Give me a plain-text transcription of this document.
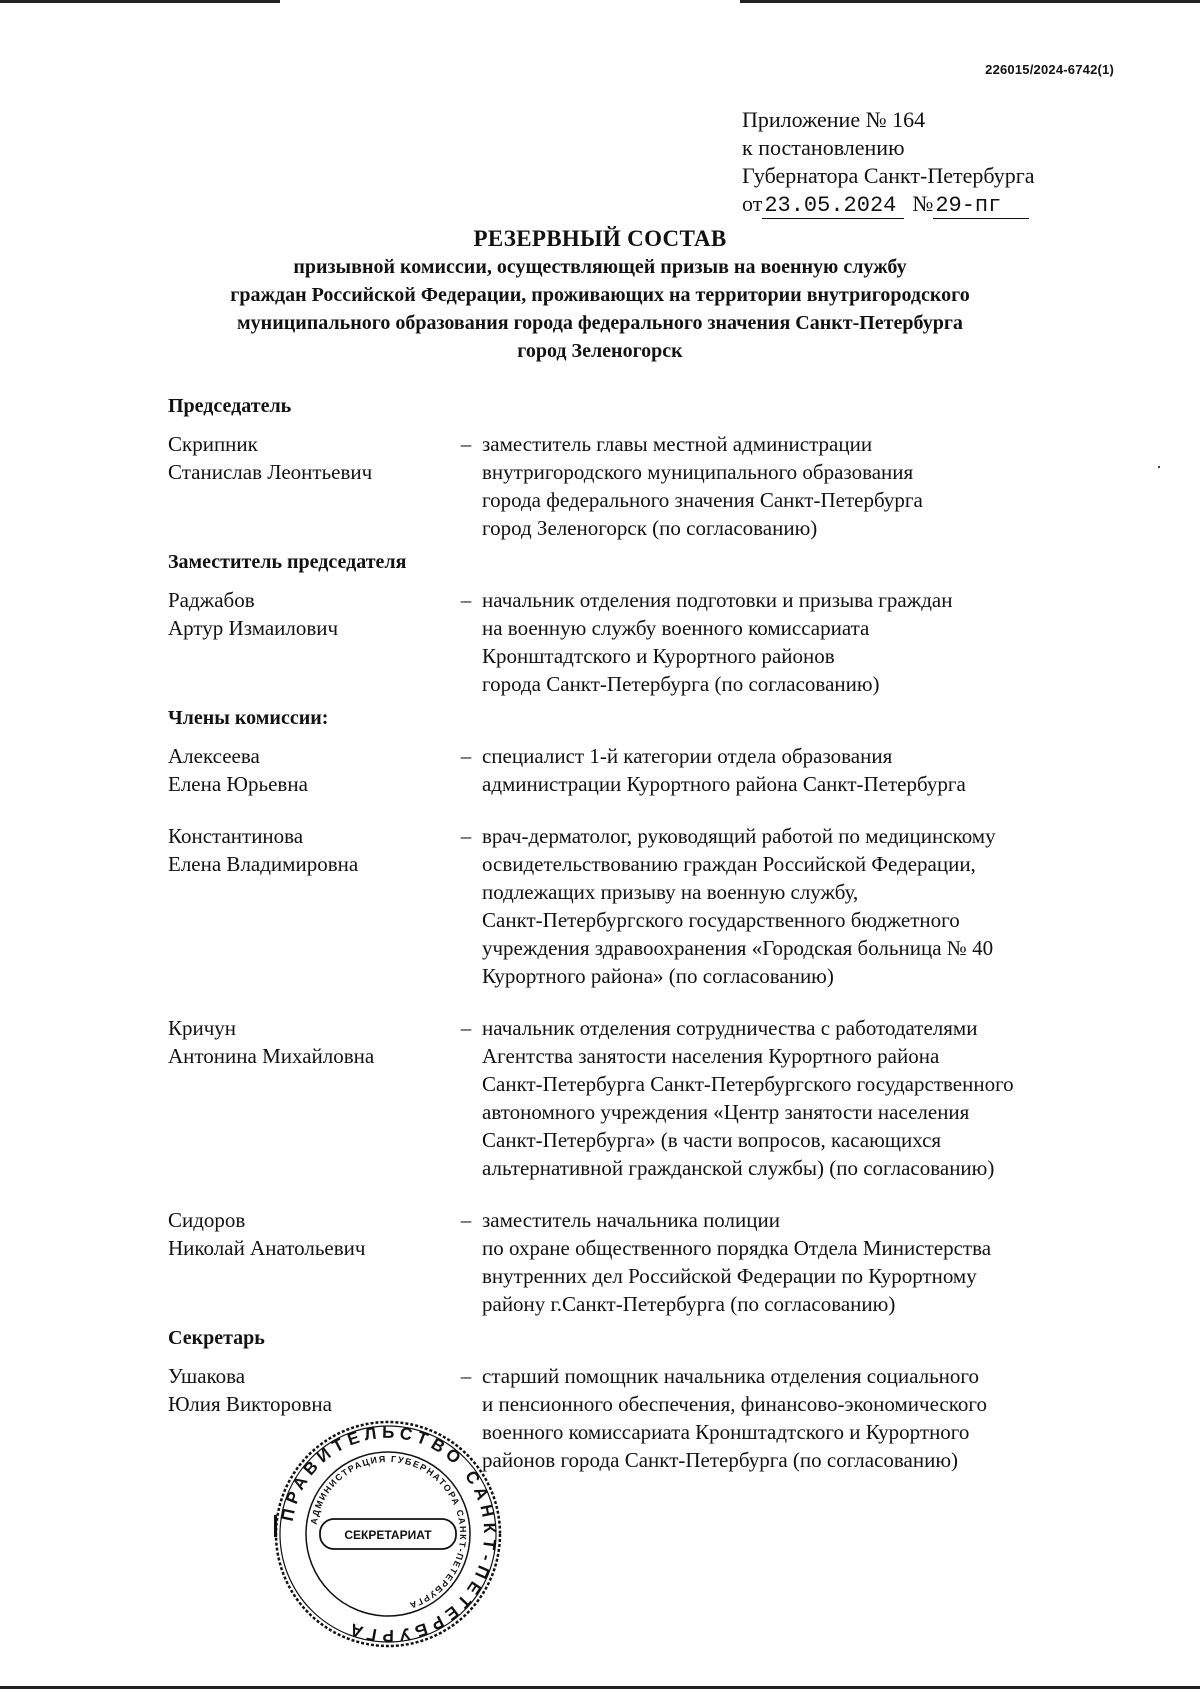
226015/2024-6742(1)
Приложение № 164
к постановлению
Губернатора Санкт-Петербурга
от 23.05.2024 № 29-пг
РЕЗЕРВНЫЙ СОСТАВ
призывной комиссии, осуществляющей призыв на военную службу
граждан Российской Федерации, проживающих на территории внутригородского
муниципального образования города федерального значения Санкт-Петербурга
город Зеленогорск
Председатель
Скрипник
Станислав Леонтьевич
– заместитель главы местной администрации
внутригородского муниципального образования
города федерального значения Санкт-Петербурга
город Зеленогорск (по согласованию)
Заместитель председателя
Раджабов
Артур Измаилович
– начальник отделения подготовки и призыва граждан
на военную службу военного комиссариата
Кронштадтского и Курортного районов
города Санкт-Петербурга (по согласованию)
Члены комиссии:
Алексеева
Елена Юрьевна
– специалист 1-й категории отдела образования
администрации Курортного района Санкт-Петербурга
Константинова
Елена Владимировна
– врач-дерматолог, руководящий работой по медицинскому
освидетельствованию граждан Российской Федерации,
подлежащих призыву на военную службу,
Санкт-Петербургского государственного бюджетного
учреждения здравоохранения «Городская больница № 40
Курортного района» (по согласованию)
Кричун
Антонина Михайловна
– начальник отделения сотрудничества с работодателями
Агентства занятости населения Курортного района
Санкт-Петербурга Санкт-Петербургского государственного
автономного учреждения «Центр занятости населения
Санкт-Петербурга» (в части вопросов, касающихся
альтернативной гражданской службы) (по согласованию)
Сидоров
Николай Анатольевич
– заместитель начальника полиции
по охране общественного порядка Отдела Министерства
внутренних дел Российской Федерации по Курортному
району г.Санкт-Петербурга (по согласованию)
Секретарь
Ушакова
Юлия Викторовна
– старший помощник начальника отделения социального
и пенсионного обеспечения, финансово-экономического
военного комиссариата Кронштадтского и Курортного
районов города Санкт-Петербурга (по согласованию)
ПРАВИТЕЛЬСТВО САНКТ-ПЕТЕРБУРГА
АДМИНИСТРАЦИЯ ГУБЕРНАТОРА САНКТ-ПЕТЕРБУРГА
СЕКРЕТАРИАТ
